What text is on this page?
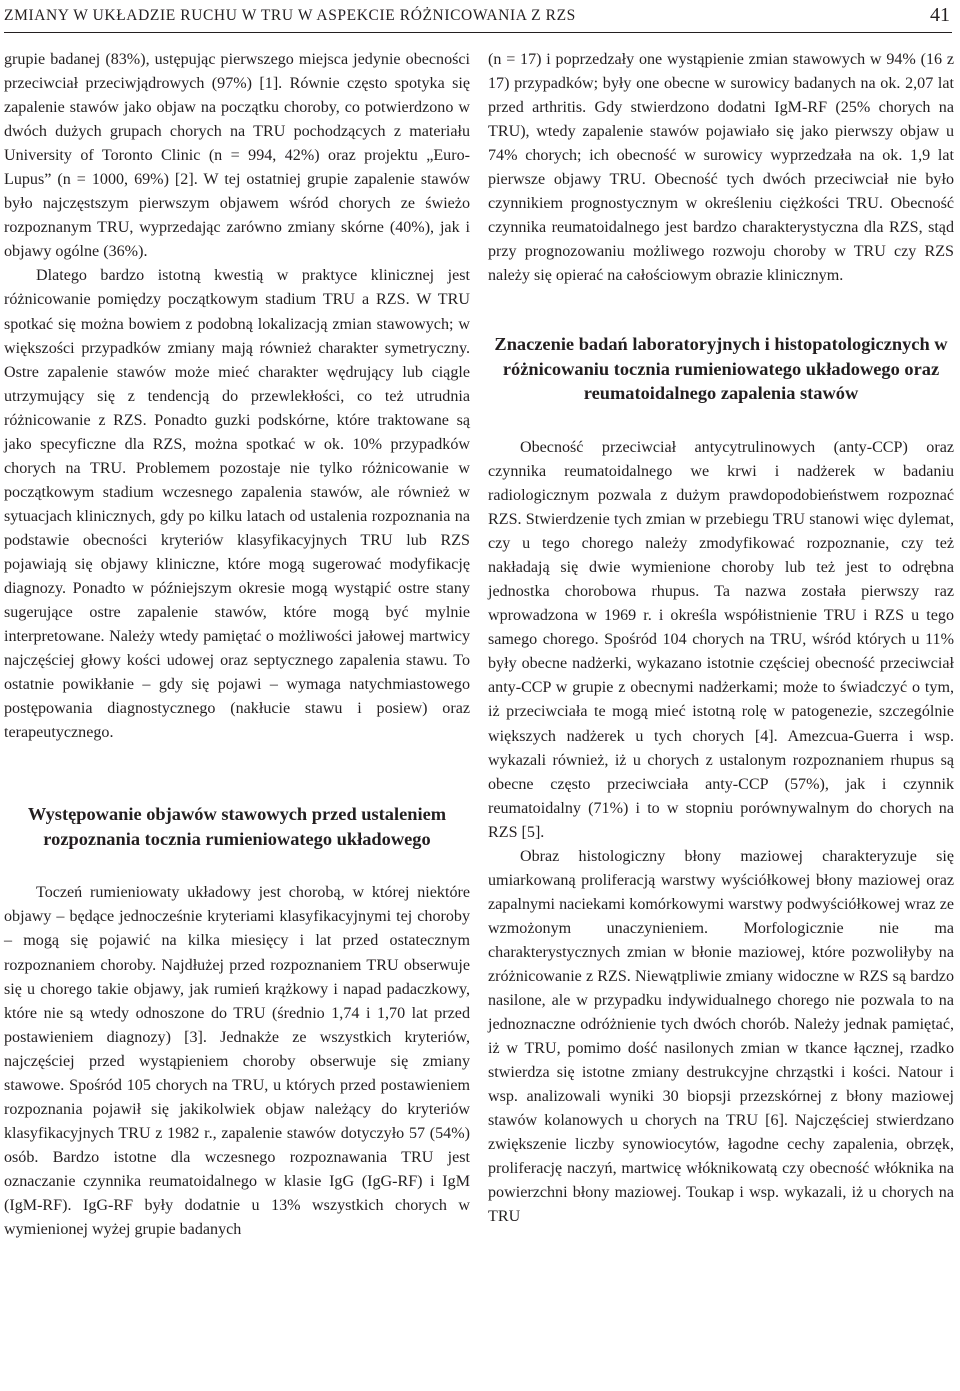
ZMIANY W UKŁADZIE RUCHU W TRU W ASPEKCIE RÓŻNICOWANIA Z RZS	41

grupie badanej (83%), ustępując pierwszego miejsca jedynie obecności przeciwciał przeciwjądrowych (97%) [1]. Równie często spotyka się zapalenie stawów jako objaw na początku choroby, co potwierdzono w dwóch dużych grupach chorych na TRU pochodzących z materiału University of Toronto Clinic (n = 994, 42%) oraz projektu „Euro-Lupus” (n = 1000, 69%) [2]. W tej ostatniej grupie zapalenie stawów było najczęstszym pierwszym objawem wśród chorych ze świeżo rozpoznanym TRU, wyprzedając zarówno zmiany skórne (40%), jak i objawy ogólne (36%).

Dlatego bardzo istotną kwestią w praktyce klinicznej jest różnicowanie pomiędzy początkowym stadium TRU a RZS. W TRU spotkać się można bowiem z podobną lokalizacją zmian stawowych; w większości przypadków zmiany mają również charakter symetryczny. Ostre zapalenie stawów może mieć charakter wędrujący lub ciągle utrzymujący się z tendencją do przewlekłości, co też utrudnia różnicowanie z RZS. Ponadto guzki podskórne, które traktowane są jako specyficzne dla RZS, można spotkać w ok. 10% przypadków chorych na TRU. Problemem pozostaje nie tylko różnicowanie w początkowym stadium wczesnego zapalenia stawów, ale również w sytuacjach klinicznych, gdy po kilku latach od ustalenia rozpoznania na podstawie obecności kryteriów klasyfikacyjnych TRU lub RZS pojawiają się objawy kliniczne, które mogą sugerować modyfikację diagnozy. Ponadto w późniejszym okresie mogą wystąpić ostre stany sugerujące ostre zapalenie stawów, które mogą być mylnie interpretowane. Należy wtedy pamiętać o możliwości jałowej martwicy najczęściej głowy kości udowej oraz septycznego zapalenia stawu. To ostatnie powikłanie – gdy się pojawi – wymaga natychmiastowego postępowania diagnostycznego (nakłucie stawu i posiew) oraz terapeutycznego.

Występowanie objawów stawowych przed ustaleniem rozpoznania tocznia rumieniowatego układowego

Toczeń rumieniowaty układowy jest chorobą, w której niektóre objawy – będące jednocześnie kryteriami klasyfikacyjnymi tej choroby – mogą się pojawić na kilka miesięcy i lat przed ostatecznym rozpoznaniem choroby. Najdłużej przed rozpoznaniem TRU obserwuje się u chorego takie objawy, jak rumień krążkowy i napad padaczkowy, które nie są wtedy odnoszone do TRU (średnio 1,74 i 1,70 lat przed postawieniem diagnozy) [3]. Jednakże ze wszystkich kryteriów, najczęściej przed wystąpieniem choroby obserwuje się zmiany stawowe. Spośród 105 chorych na TRU, u których przed postawieniem rozpoznania pojawił się jakikolwiek objaw należący do kryteriów klasyfikacyjnych TRU z 1982 r., zapalenie stawów dotyczyło 57 (54%) osób. Bardzo istotne dla wczesnego rozpoznawania TRU jest oznaczanie czynnika reumatoidalnego w klasie IgG (IgG-RF) i IgM (IgM-RF). IgG-RF były dodatnie u 13% wszystkich chorych w wymienionej wyżej grupie badanych

(n = 17) i poprzedzały one wystąpienie zmian stawowych w 94% (16 z 17) przypadków; były one obecne w surowicy badanych na ok. 2,07 lat przed arthritis. Gdy stwierdzono dodatni IgM-RF (25% chorych na TRU), wtedy zapalenie stawów pojawiało się jako pierwszy objaw u 74% chorych; ich obecność w surowicy wyprzedzała na ok. 1,9 lat pierwsze objawy TRU. Obecność tych dwóch przeciwciał nie było czynnikiem prognostycznym w określeniu ciężkości TRU. Obecność czynnika reumatoidalnego jest bardzo charakterystyczna dla RZS, stąd przy prognozowaniu możliwego rozwoju choroby w TRU czy RZS należy się opierać na całościowym obrazie klinicznym.

Znaczenie badań laboratoryjnych i histopatologicznych w różnicowaniu tocznia rumieniowatego układowego oraz reumatoidalnego zapalenia stawów

Obecność przeciwciał antycytrulinowych (anty-CCP) oraz czynnika reumatoidalnego we krwi i nadżerek w badaniu radiologicznym pozwala z dużym prawdopodobieństwem rozpoznać RZS. Stwierdzenie tych zmian w przebiegu TRU stanowi więc dylemat, czy u tego chorego należy zmodyfikować rozpoznanie, czy też nakładają się dwie wymienione choroby lub też jest to odrębna jednostka chorobowa rhupus. Ta nazwa została pierwszy raz wprowadzona w 1969 r. i określa współistnienie TRU i RZS u tego samego chorego. Spośród 104 chorych na TRU, wśród których u 11% były obecne nadżerki, wykazano istotnie częściej obecność przeciwciał anty-CCP w grupie z obecnymi nadżerkami; może to świadczyć o tym, iż przeciwciała te mogą mieć istotną rolę w patogenezie, szczególnie większych nadżerek u tych chorych [4]. Amezcua-Guerra i wsp. wykazali również, iż u chorych z ustalonym rozpoznaniem rhupus są obecne często przeciwciała anty-CCP (57%), jak i czynnik reumatoidalny (71%) i to w stopniu porównywalnym do chorych na RZS [5].

Obraz histologiczny błony maziowej charakteryzuje się umiarkowaną proliferacją warstwy wyściółkowej błony maziowej oraz zapalnymi naciekami komórkowymi warstwy podwyściółkowej wraz ze wzmożonym unaczynieniem. Morfologicznie nie ma charakterystycznych zmian w błonie maziowej, które pozwoliłyby na zróżnicowanie z RZS. Niewątpliwie zmiany widoczne w RZS są bardzo nasilone, ale w przypadku indywidualnego chorego nie pozwala to na jednoznaczne odróżnienie tych dwóch chorób. Należy jednak pamiętać, iż w TRU, pomimo dość nasilonych zmian w tkance łącznej, rzadko stwierdza się istotne zmiany destrukcyjne chrząstki i kości. Natour i wsp. analizowali wyniki 30 biopsji przezskórnej z błony maziowej stawów kolanowych u chorych na TRU [6]. Najczęściej stwierdzano zwiększenie liczby synowiocytów, łagodne cechy zapalenia, obrzęk, proliferację naczyń, martwicę włóknikowatą czy obecność włóknika na powierzchni błony maziowej. Toukap i wsp. wykazali, iż u chorych na TRU
